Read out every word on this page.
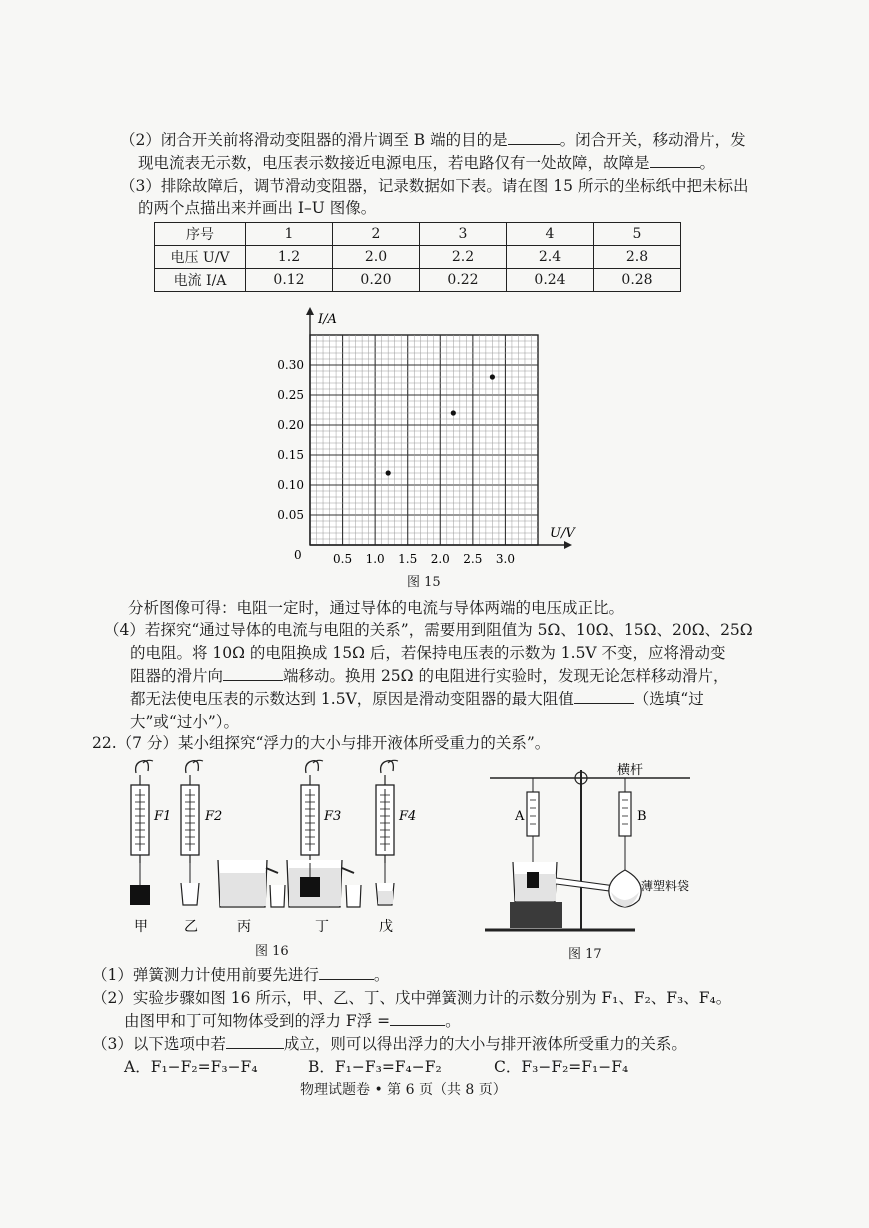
（2）闭合开关前将滑动变阻器的滑片调至 B 端的目的是	。闭合开关，移动滑片，发
现电流表无示数，电压表示数接近电源电压，若电路仅有一处故障，故障是	。
（3）排除故障后，调节滑动变阻器，记录数据如下表。请在图 15 所示的坐标纸中把未标出
的两个点描出来并画出 I–U 图像。
序号	1	2	3	4	5
电压 U/V	1.2	2.0	2.2	2.4	2.8
电流 I/A	0.12	0.20	0.22	0.24	0.28
U/V
I/A
0	0.5 1.0 1.5 2.0 2.5 3.0
0.05
0.10
0.15
0.20
0.25
0.30
图 15
分析图像可得：电阻一定时，通过导体的电流与导体两端的电压成正比。
（4）若探究“通过导体的电流与电阻的关系”，需要用到阻值为 5Ω、10Ω、15Ω、20Ω、25Ω
的电阻。将 10Ω 的电阻换成 15Ω 后，若保持电压表的示数为 1.5V 不变，应将滑动变
阻器的滑片向	端移动。换用 25Ω 的电阻进行实验时，发现无论怎样移动滑片，
都无法使电压表的示数达到 1.5V，原因是滑动变阻器的最大阻值	（选填“过
大”或“过小”）。
22.（7 分）某小组探究“浮力的大小与排开液体所受重力的关系”。
F1	F2	F3	F4
甲	乙	丙	丁	戊
图 16
横杆
A	B
薄塑料袋
图 17
（1）弹簧测力计使用前要先进行	。
（2）实验步骤如图 16 所示，甲、乙、丁、戊中弹簧测力计的示数分别为 F₁、F₂、F₃、F₄。
由图甲和丁可知物体受到的浮力 F浮 =	。
（3）以下选项中若	成立，则可以得出浮力的大小与排开液体所受重力的关系。
A．F₁−F₂=F₃−F₄	B．F₁−F₃=F₄−F₂	C．F₃−F₂=F₁−F₄
物理试题卷 • 第 6 页（共 8 页）
